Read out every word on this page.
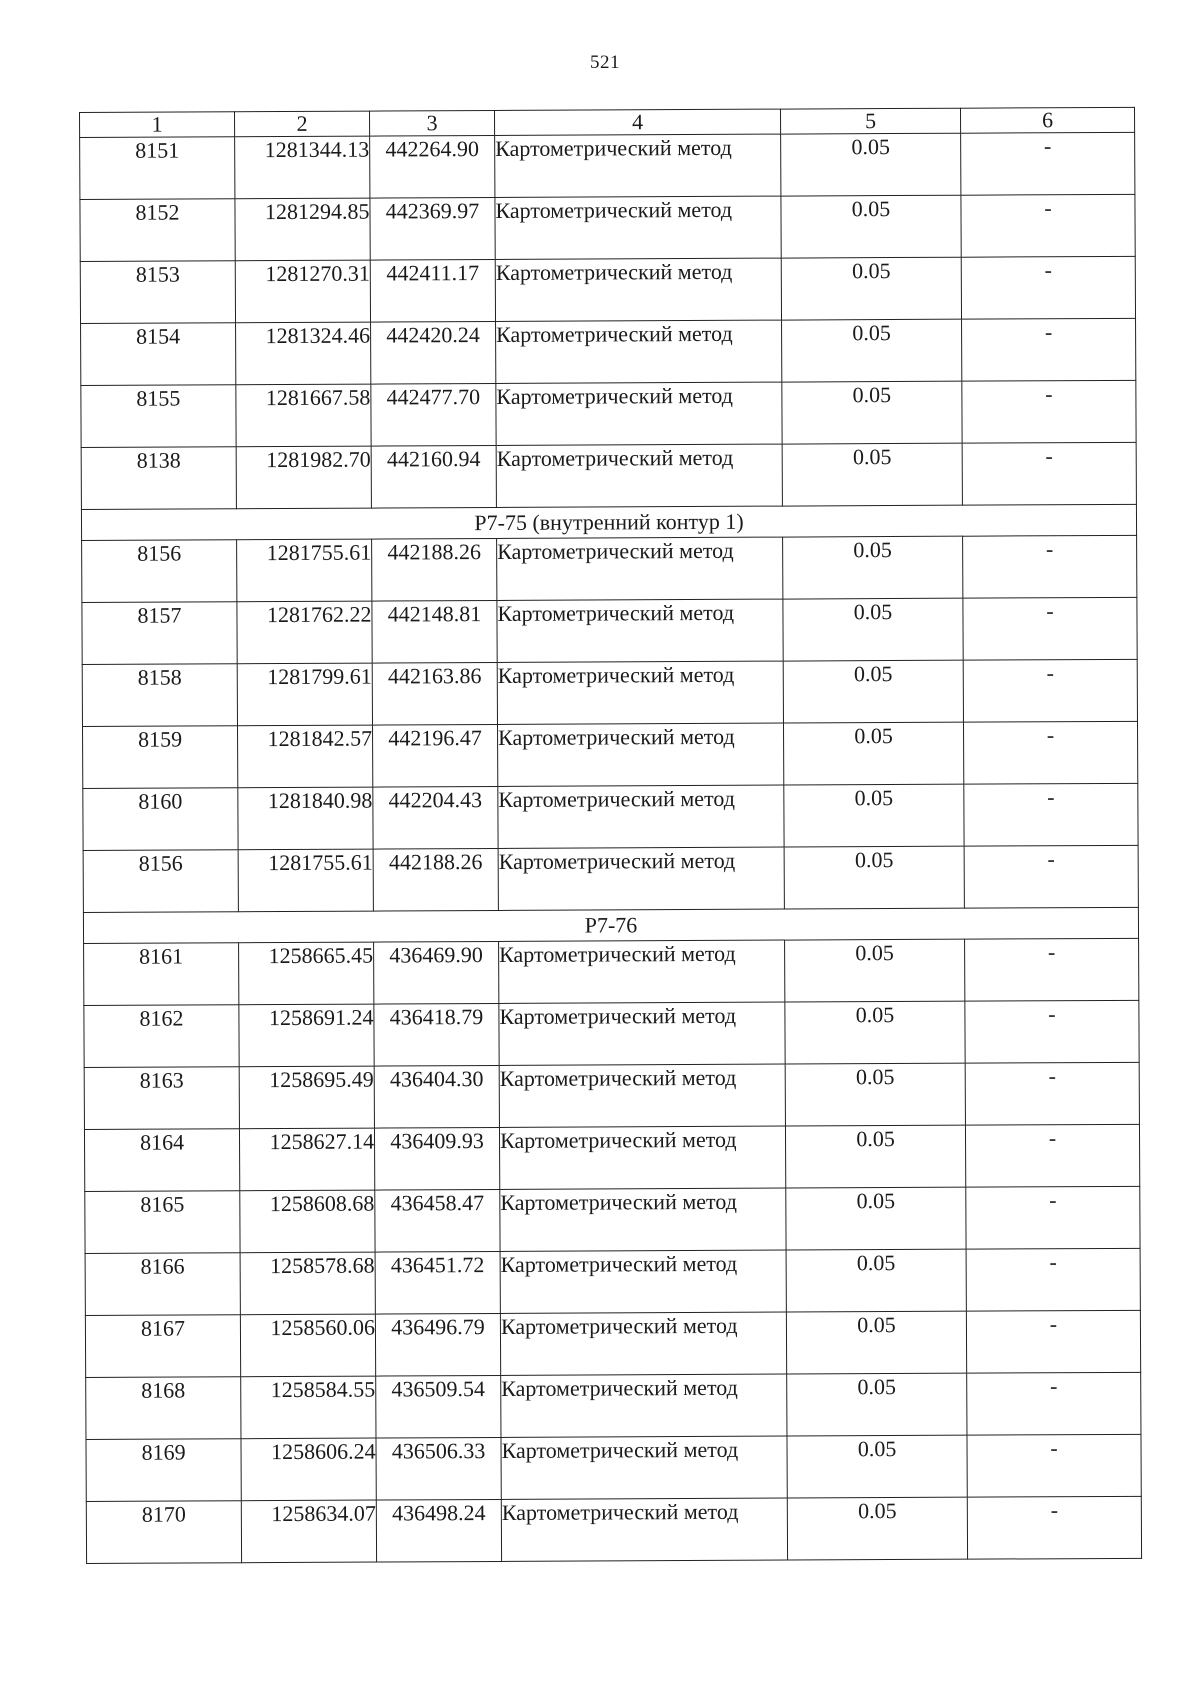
521
1	2	3	4	5	6
8151	1281344.13	442264.90	Картометрический метод	0.05	-
8152	1281294.85	442369.97	Картометрический метод	0.05	-
8153	1281270.31	442411.17	Картометрический метод	0.05	-
8154	1281324.46	442420.24	Картометрический метод	0.05	-
8155	1281667.58	442477.70	Картометрический метод	0.05	-
8138	1281982.70	442160.94	Картометрический метод	0.05	-
Р7-75 (внутренний контур 1)					
8156	1281755.61	442188.26	Картометрический метод	0.05	-
8157	1281762.22	442148.81	Картометрический метод	0.05	-
8158	1281799.61	442163.86	Картометрический метод	0.05	-
8159	1281842.57	442196.47	Картометрический метод	0.05	-
8160	1281840.98	442204.43	Картометрический метод	0.05	-
8156	1281755.61	442188.26	Картометрический метод	0.05	-
Р7-76					
8161	1258665.45	436469.90	Картометрический метод	0.05	-
8162	1258691.24	436418.79	Картометрический метод	0.05	-
8163	1258695.49	436404.30	Картометрический метод	0.05	-
8164	1258627.14	436409.93	Картометрический метод	0.05	-
8165	1258608.68	436458.47	Картометрический метод	0.05	-
8166	1258578.68	436451.72	Картометрический метод	0.05	-
8167	1258560.06	436496.79	Картометрический метод	0.05	-
8168	1258584.55	436509.54	Картометрический метод	0.05	-
8169	1258606.24	436506.33	Картометрический метод	0.05	-
8170	1258634.07	436498.24	Картометрический метод	0.05	-
